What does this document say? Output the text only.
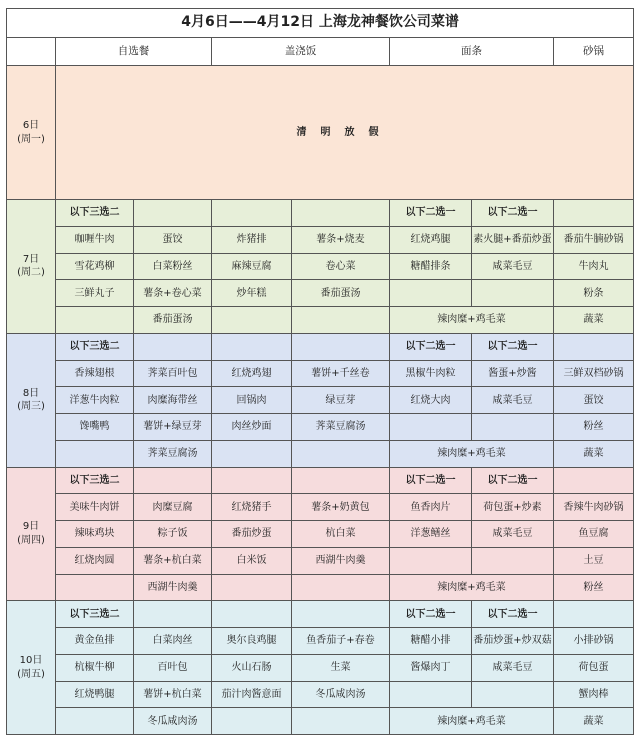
4月6日——4月12日 上海龙神餐饮公司菜谱							
	自选餐		盖浇饭		面条		砂锅

6日
(周一)	清明放假						

7日
(周二)	以下三选二				以下二选一	以下二选一	
	咖喱牛肉	蛋饺	炸猪排	薯条+烧麦	红烧鸡腿	素火腿+番茄炒蛋	番茄牛腩砂锅
	雪花鸡柳	白菜粉丝	麻辣豆腐	卷心菜	糖醋排条	咸菜毛豆	牛肉丸
	三鲜丸子	薯条+卷心菜	炒年糕	番茄蛋汤			粉条
		番茄蛋汤			辣肉糜+鸡毛菜		蔬菜

8日
(周三)	以下三选二				以下二选一	以下二选一	
	香辣翅根	荠菜百叶包	红烧鸡翅	薯饼+千丝卷	黑椒牛肉粒	酱蛋+炒酱	三鲜双档砂锅
	洋葱牛肉粒	肉糜海带丝	回锅肉	绿豆芽	红烧大肉	咸菜毛豆	蛋饺
	馋嘴鸭	薯饼+绿豆芽	肉丝炒面	荠菜豆腐汤			粉丝
		荠菜豆腐汤			辣肉糜+鸡毛菜		蔬菜

9日
(周四)	以下三选二				以下二选一	以下二选一	
	美味牛肉饼	肉糜豆腐	红烧猪手	薯条+奶黄包	鱼香肉片	荷包蛋+炒素	香辣牛肉砂锅
	辣味鸡块	粽子饭	番茄炒蛋	杭白菜	洋葱鳝丝	咸菜毛豆	鱼豆腐
	红烧肉圆	薯条+杭白菜	白米饭	西湖牛肉羹			土豆
		西湖牛肉羹			辣肉糜+鸡毛菜		粉丝

10日
(周五)	以下三选二				以下二选一	以下二选一	
	黄金鱼排	白菜肉丝	奥尔良鸡腿	鱼香茄子+春卷	糖醋小排	番茄炒蛋+炒双菇	小排砂锅
	杭椒牛柳	百叶包	火山石肠	生菜	酱爆肉丁	咸菜毛豆	荷包蛋
	红烧鸭腿	薯饼+杭白菜	茄汁肉酱意面	冬瓜咸肉汤			蟹肉棒
		冬瓜咸肉汤			辣肉糜+鸡毛菜		蔬菜
